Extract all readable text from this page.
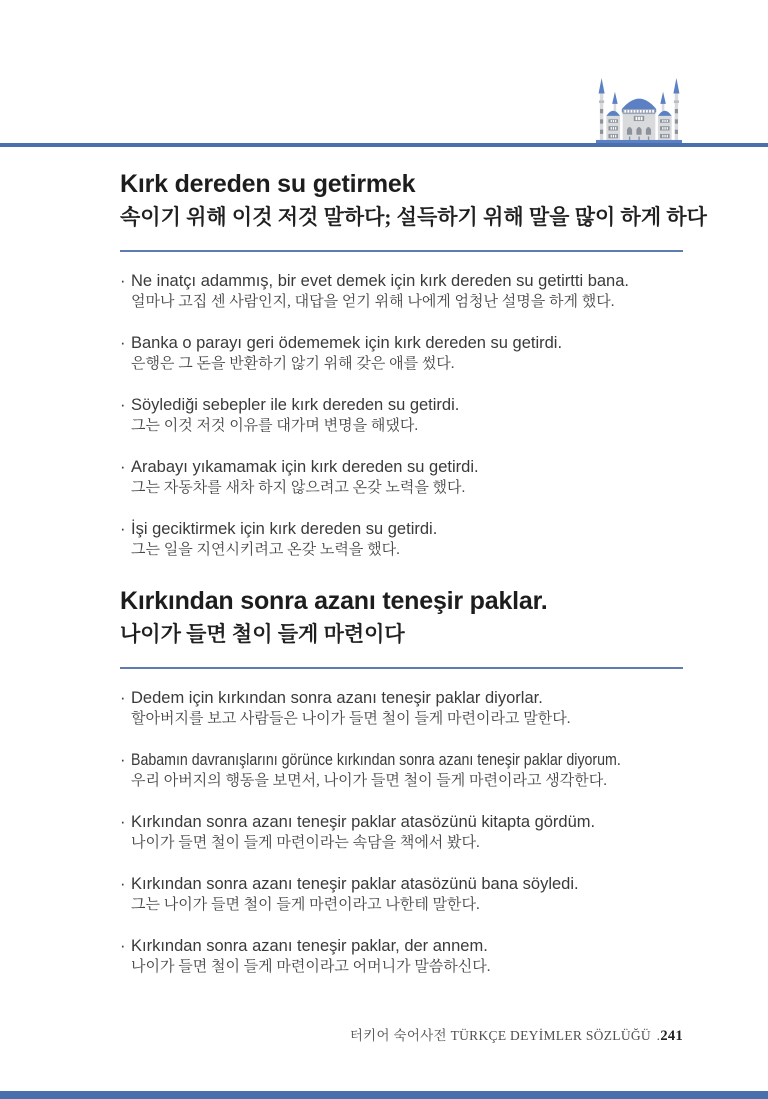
Kırk dereden su getirmek
속이기 위해 이것 저것 말하다; 설득하기 위해 말을 많이 하게 하다
· Ne inatçı adammış, bir evet demek için kırk dereden su getirtti bana.
얼마나 고집 센 사람인지, 대답을 얻기 위해 나에게 엄청난 설명을 하게 했다.
· Banka o parayı geri ödememek için kırk dereden su getirdi.
은행은 그 돈을 반환하기 않기 위해 갖은 애를 썼다.
· Söylediği sebepler ile kırk dereden su getirdi.
그는 이것 저것 이유를 대가며 변명을 해댔다.
· Arabayı yıkamamak için kırk dereden su getirdi.
그는 자동차를 새차 하지 않으려고 온갖 노력을 했다.
· İşi geciktirmek için kırk dereden su getirdi.
그는 일을 지연시키려고 온갖 노력을 했다.
Kırkından sonra azanı teneşir paklar.
나이가 들면 철이 들게 마련이다
· Dedem için kırkından sonra azanı teneşir paklar diyorlar.
할아버지를 보고 사람들은 나이가 들면 철이 들게 마련이라고 말한다.
· Babamın davranışlarını görünce kırkından sonra azanı teneşir paklar diyorum.
우리 아버지의 행동을 보면서, 나이가 들면 철이 들게 마련이라고 생각한다.
· Kırkından sonra azanı teneşir paklar atasözünü kitapta gördüm.
나이가 들면 철이 들게 마련이라는 속담을 책에서 봤다.
· Kırkından sonra azanı teneşir paklar atasözünü bana söyledi.
그는 나이가 들면 철이 들게 마련이라고 나한테 말한다.
· Kırkından sonra azanı teneşir paklar, der annem.
나이가 들면 철이 들게 마련이라고 어머니가 말씀하신다.
터키어 숙어사전 TÜRKÇE DEYİMLER SÖZLÜĞÜ .241
